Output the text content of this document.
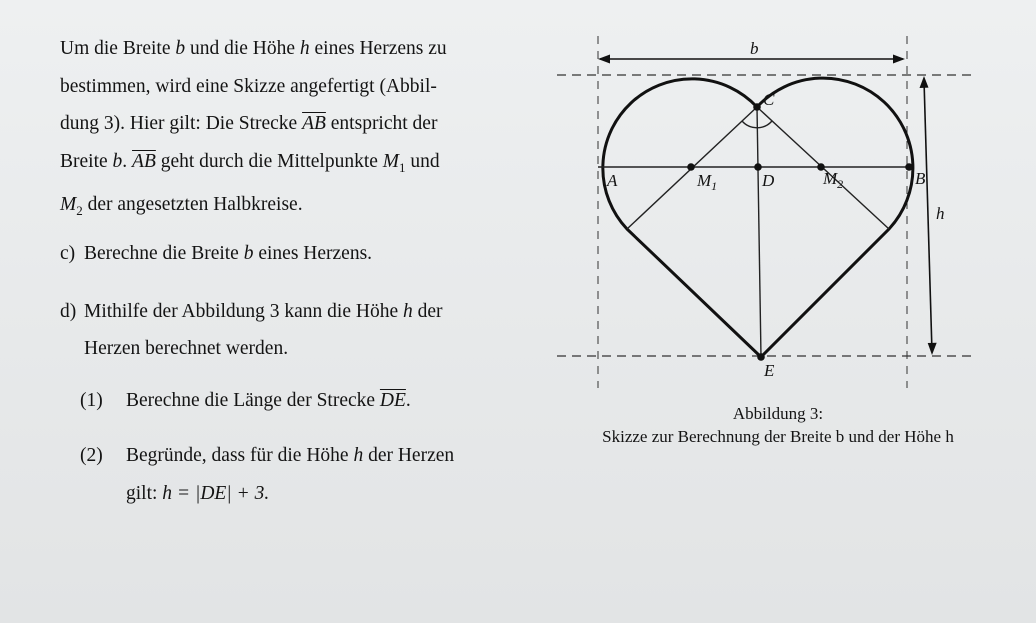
Um die Breite b und die Höhe h eines Herzens zu

bestimmen, wird eine Skizze angefertigt (Abbil-

dung 3). Hier gilt: Die Strecke $\overline{AB}$ entspricht der

Breite b. $\overline{AB}$ geht durch die Mittelpunkte $M_1$ und

$M_2$ der angesetzten Halbkreise.

c) Berechne die Breite b eines Herzens.

d) Mithilfe der Abbildung 3 kann die Höhe h der

Herzen berechnet werden.

(1) Berechne die Länge der Strecke $\overline{DE}$.

(2) Begründe, dass für die Höhe h der Herzen

gilt: h = |DE| + 3.

b
h
A	B
C
D
E
$M_1$	$M_2$
Abbildung 3:
Skizze zur Berechnung der Breite b und der Höhe h
